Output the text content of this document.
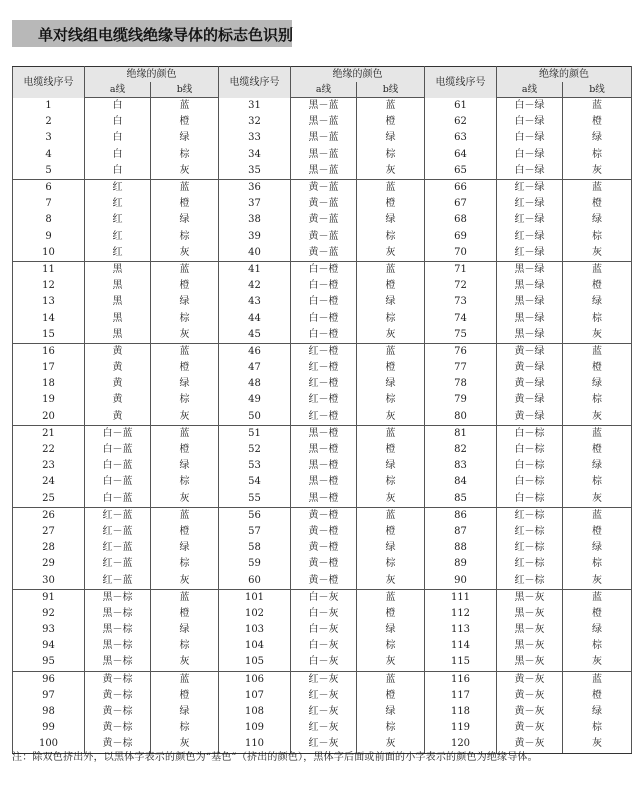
单对线组电缆线绝缘导体的标志色识别
电缆线序号	绝缘的颜色		电缆线序号	绝缘的颜色		电缆线序号	绝缘的颜色	
	a线	b线		a线	b线		a线	b线
1	白	蓝	31	黑－蓝	蓝	61	白－绿	蓝
2	白	橙	32	黑－蓝	橙	62	白－绿	橙
3	白	绿	33	黑－蓝	绿	63	白－绿	绿
4	白	棕	34	黑－蓝	棕	64	白－绿	棕
5	白	灰	35	黑－蓝	灰	65	白－绿	灰
6	红	蓝	36	黄－蓝	蓝	66	红－绿	蓝
7	红	橙	37	黄－蓝	橙	67	红－绿	橙
8	红	绿	38	黄－蓝	绿	68	红－绿	绿
9	红	棕	39	黄－蓝	棕	69	红－绿	棕
10	红	灰	40	黄－蓝	灰	70	红－绿	灰
11	黑	蓝	41	白－橙	蓝	71	黑－绿	蓝
12	黑	橙	42	白－橙	橙	72	黑－绿	橙
13	黑	绿	43	白－橙	绿	73	黑－绿	绿
14	黑	棕	44	白－橙	棕	74	黑－绿	棕
15	黑	灰	45	白－橙	灰	75	黑－绿	灰
16	黄	蓝	46	红－橙	蓝	76	黄－绿	蓝
17	黄	橙	47	红－橙	橙	77	黄－绿	橙
18	黄	绿	48	红－橙	绿	78	黄－绿	绿
19	黄	棕	49	红－橙	棕	79	黄－绿	棕
20	黄	灰	50	红－橙	灰	80	黄－绿	灰
21	白－蓝	蓝	51	黑－橙	蓝	81	白－棕	蓝
22	白－蓝	橙	52	黑－橙	橙	82	白－棕	橙
23	白－蓝	绿	53	黑－橙	绿	83	白－棕	绿
24	白－蓝	棕	54	黑－橙	棕	84	白－棕	棕
25	白－蓝	灰	55	黑－橙	灰	85	白－棕	灰
26	红－蓝	蓝	56	黄－橙	蓝	86	红－棕	蓝
27	红－蓝	橙	57	黄－橙	橙	87	红－棕	橙
28	红－蓝	绿	58	黄－橙	绿	88	红－棕	绿
29	红－蓝	棕	59	黄－橙	棕	89	红－棕	棕
30	红－蓝	灰	60	黄－橙	灰	90	红－棕	灰
91	黑－棕	蓝	101	白－灰	蓝	111	黑－灰	蓝
92	黑－棕	橙	102	白－灰	橙	112	黑－灰	橙
93	黑－棕	绿	103	白－灰	绿	113	黑－灰	绿
94	黑－棕	棕	104	白－灰	棕	114	黑－灰	棕
95	黑－棕	灰	105	白－灰	灰	115	黑－灰	灰
96	黄－棕	蓝	106	红－灰	蓝	116	黄－灰	蓝
97	黄－棕	橙	107	红－灰	橙	117	黄－灰	橙
98	黄－棕	绿	108	红－灰	绿	118	黄－灰	绿
99	黄－棕	棕	109	红－灰	棕	119	黄－灰	棕
100	黄－棕	灰	110	红－灰	灰	120	黄－灰	灰
注：除双色挤出外，以黑体字表示的颜色为“基色”（挤出的颜色），黑体字后面或前面的小字表示的颜色为绝缘导体。
